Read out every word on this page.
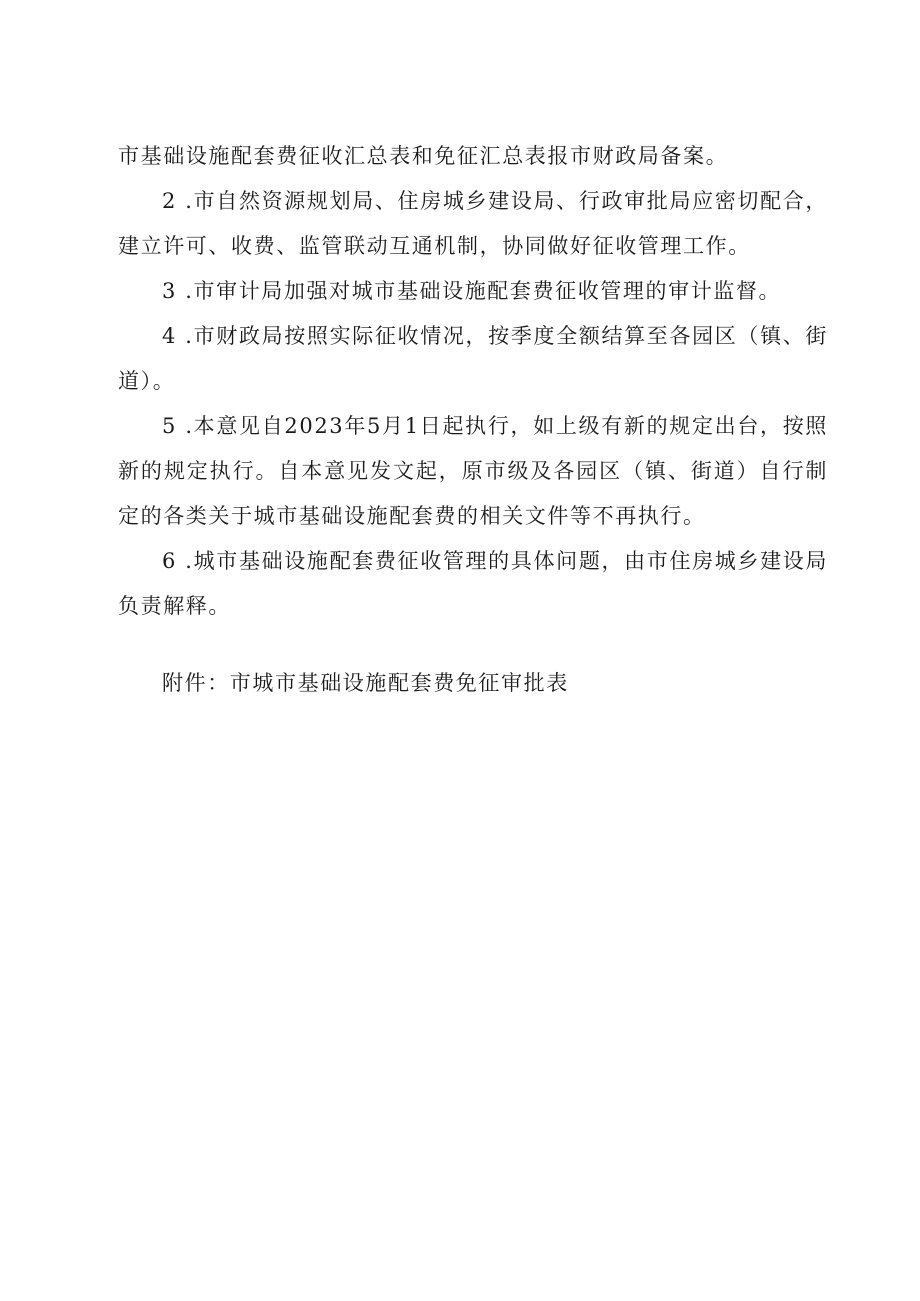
市基础设施配套费征收汇总表和免征汇总表报市财政局备案。

2 .市自然资源规划局、住房城乡建设局、行政审批局应密切配合，建立许可、收费、监管联动互通机制，协同做好征收管理工作。

3 .市审计局加强对城市基础设施配套费征收管理的审计监督。

4 .市财政局按照实际征收情况，按季度全额结算至各园区（镇、街道）。

5 .本意见自2023年5月1日起执行，如上级有新的规定出台，按照新的规定执行。自本意见发文起，原市级及各园区（镇、街道）自行制定的各类关于城市基础设施配套费的相关文件等不再执行。

6 .城市基础设施配套费征收管理的具体问题，由市住房城乡建设局负责解释。

附件：市城市基础设施配套费免征审批表
